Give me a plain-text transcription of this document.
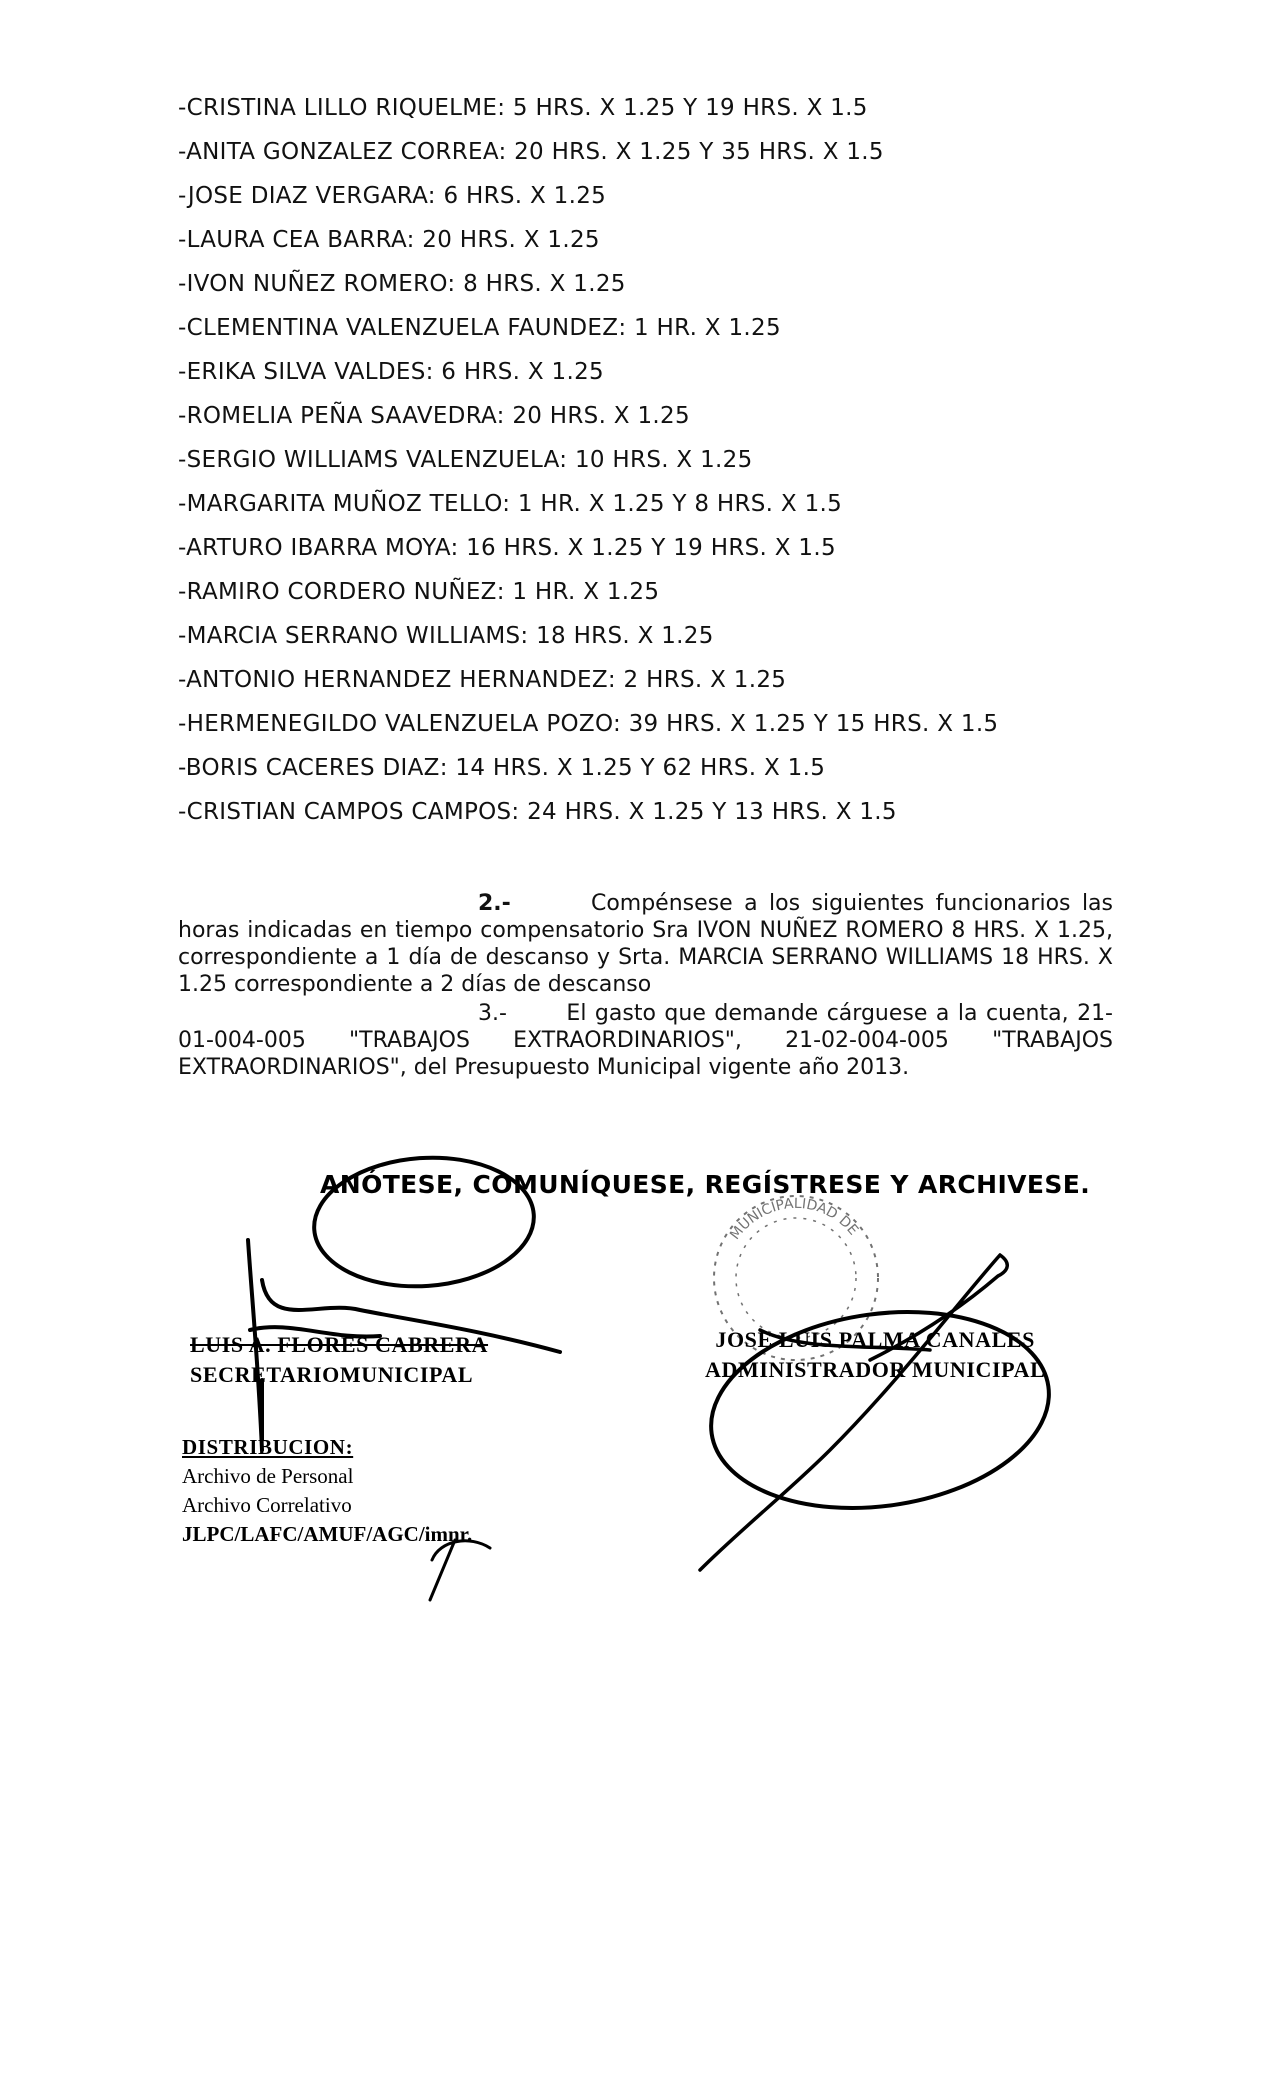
-CRISTINA LILLO RIQUELME: 5 HRS. X 1.25 Y 19 HRS. X 1.5
-ANITA GONZALEZ CORREA: 20 HRS. X 1.25 Y 35 HRS. X 1.5
-JOSE DIAZ VERGARA: 6 HRS. X 1.25
-LAURA CEA BARRA: 20 HRS. X 1.25
-IVON NUÑEZ ROMERO: 8 HRS. X 1.25
-CLEMENTINA VALENZUELA FAUNDEZ: 1 HR. X 1.25
-ERIKA SILVA VALDES: 6 HRS. X 1.25
-ROMELIA PEÑA SAAVEDRA: 20 HRS. X 1.25
-SERGIO WILLIAMS VALENZUELA: 10 HRS. X 1.25
-MARGARITA MUÑOZ TELLO: 1 HR. X 1.25 Y 8 HRS. X 1.5
-ARTURO IBARRA MOYA: 16 HRS. X 1.25 Y 19 HRS. X 1.5
-RAMIRO CORDERO NUÑEZ: 1 HR. X 1.25
-MARCIA SERRANO WILLIAMS: 18 HRS. X 1.25
-ANTONIO HERNANDEZ HERNANDEZ: 2 HRS. X 1.25
-HERMENEGILDO VALENZUELA POZO: 39 HRS. X 1.25 Y 15 HRS. X 1.5
-BORIS CACERES DIAZ: 14 HRS. X 1.25 Y 62 HRS. X 1.5
-CRISTIAN CAMPOS CAMPOS: 24 HRS. X 1.25 Y 13 HRS. X 1.5
2.-	Compénsese a los siguientes funcionarios las horas indicadas en tiempo compensatorio Sra IVON NUÑEZ ROMERO 8 HRS. X 1.25, correspondiente a 1 día de descanso y Srta. MARCIA SERRANO WILLIAMS 18 HRS. X 1.25 correspondiente a 2 días de descanso
3.-	El gasto que demande cárguese a la cuenta, 21-01-004-005 "TRABAJOS EXTRAORDINARIOS", 21-02-004-005 "TRABAJOS EXTRAORDINARIOS", del Presupuesto Municipal vigente año 2013.
ANÓTESE, COMUNÍQUESE, REGÍSTRESE Y ARCHIVESE.
LUIS A. FLORES CABRERA
SECRETARIOMUNICIPAL
JOSE LUIS PALMA CANALES
ADMINISTRADOR MUNICIPAL
DISTRIBUCION:
Archivo de Personal
Archivo Correlativo
JLPC/LAFC/AMUF/AGC/imnr.
MUNICIPALIDAD DE
